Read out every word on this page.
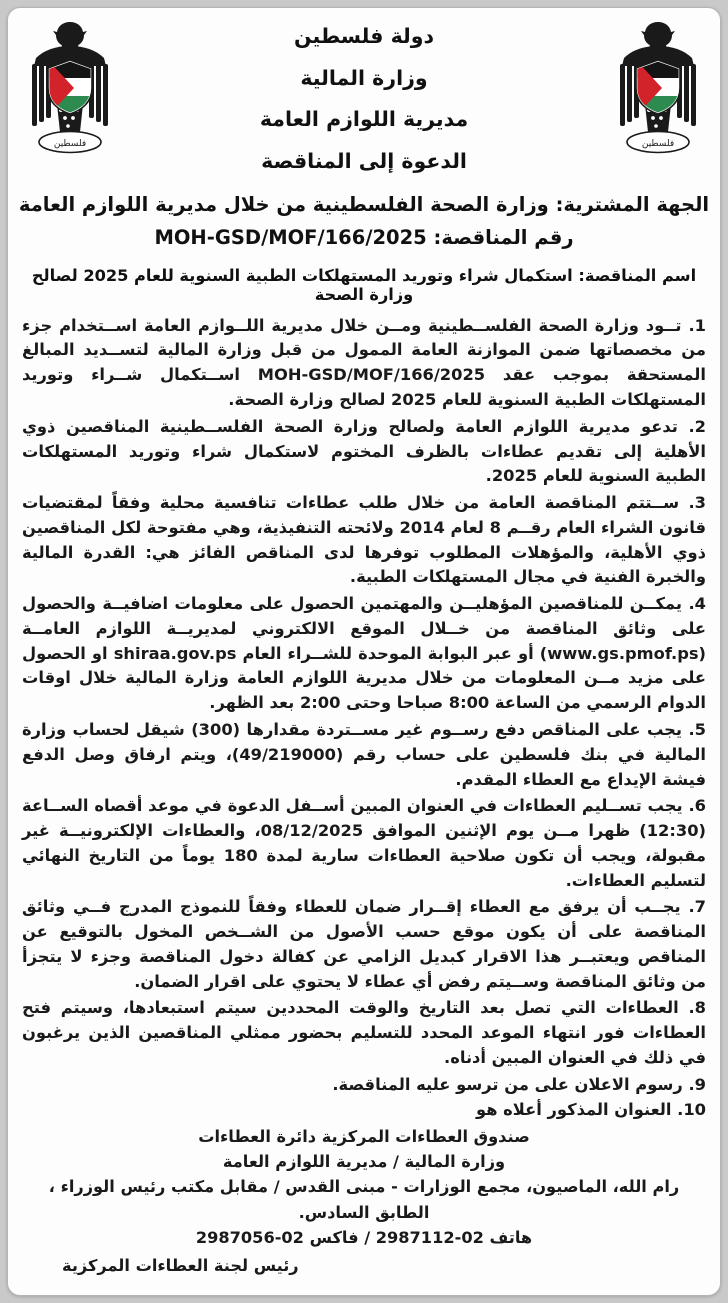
فلسطين
دولة فلسطين
وزارة المالية
مديرية اللوازم العامة
الدعوة إلى المناقصة
فلسطين
الجهة المشترية: وزارة الصحة الفلسطينية من خلال مديرية اللوازم العامة
رقم المناقصة: MOH-GSD/MOF/166/2025
اسم المناقصة: استكمال شراء وتوريد المستهلكات الطبية السنوية للعام 2025 لصالح وزارة الصحة

1. تــود وزارة الصحة الفلســطينية ومــن خلال مديرية اللــوازم العامة اســتخدام جزء من مخصصاتها ضمن الموازنة العامة الممول من قبل وزارة المالية لتســديد المبالغ المستحقة بموجب عقد MOH-GSD/MOF/166/2025 اســتكمال شــراء وتوريد المستهلكات الطبية السنوية للعام 2025 لصالح وزارة الصحة.

2. تدعو مديرية اللوازم العامة ولصالح وزارة الصحة الفلســطينية المناقصين ذوي الأهلية إلى تقديم عطاءات بالظرف المختوم لاستكمال شراء وتوريد المستهلكات الطبية السنوية للعام 2025.

3. ســتتم المناقصة العامة من خلال طلب عطاءات تنافسية محلية وفقاً لمقتضيات قانون الشراء العام رقــم 8 لعام 2014 ولائحته التنفيذية، وهي مفتوحة لكل المناقصين ذوي الأهلية، والمؤهلات المطلوب توفرها لدى المناقص الفائز هي: القدرة المالية والخبرة الفنية في مجال المستهلكات الطبية.

4. يمكــن للمناقصين المؤهليــن والمهتمين الحصول على معلومات اضافيــة والحصول على وثائق المناقصة من خــلال الموقع الالكتروني لمديريــة اللوازم العامــة (www.gs.pmof.ps) أو عبر البوابة الموحدة للشــراء العام shiraa.gov.ps او الحصول على مزيد مــن المعلومات من خلال مديرية اللوازم العامة وزارة المالية خلال اوقات الدوام الرسمي من الساعة 8:00 صباحا وحتى 2:00 بعد الظهر.

5. يجب على المناقص دفع رســوم غير مســتردة مقدارها (300) شيقل لحساب وزارة المالية في بنك فلسطين على حساب رقم (49/219000)، ويتم ارفاق وصل الدفع فيشة الإيداع مع العطاء المقدم.

6. يجب تســليم العطاءات في العنوان المبين أســفل الدعوة في موعد أقصاه الســاعة (12:30) ظهرا مــن يوم الإثنين الموافق 08/12/2025، والعطاءات الإلكترونيــة غير مقبولة، ويجب أن تكون صلاحية العطاءات سارية لمدة 180 يوماً من التاريخ النهائي لتسليم العطاءات.

7. يجــب أن يرفق مع العطاء إقــرار ضمان للعطاء وفقاً للنموذج المدرج فــي وثائق المناقصة على أن يكون موقع حسب الأصول من الشــخص المخول بالتوقيع عن المناقص ويعتبــر هذا الاقرار كبديل الزامي عن كفالة دخول المناقصة وجزء لا يتجزأ من وثائق المناقصة وســيتم رفض أي عطاء لا يحتوي على اقرار الضمان.

8. العطاءات التي تصل بعد التاريخ والوقت المحددين سيتم استبعادها، وسيتم فتح العطاءات فور انتهاء الموعد المحدد للتسليم بحضور ممثلي المناقصين الذين يرغبون في ذلك في العنوان المبين أدناه.

9. رسوم الاعلان على من ترسو عليه المناقصة.

10. العنوان المذكور أعلاه هو

صندوق العطاءات المركزية دائرة العطاءات
وزارة المالية / مديرية اللوازم العامة
رام الله، الماصيون، مجمع الوزارات - مبنى القدس / مقابل مكتب رئيس الوزراء ، الطابق السادس.
هاتف 02-2987112 / فاكس 02-2987056
رئيس لجنة العطاءات المركزية
